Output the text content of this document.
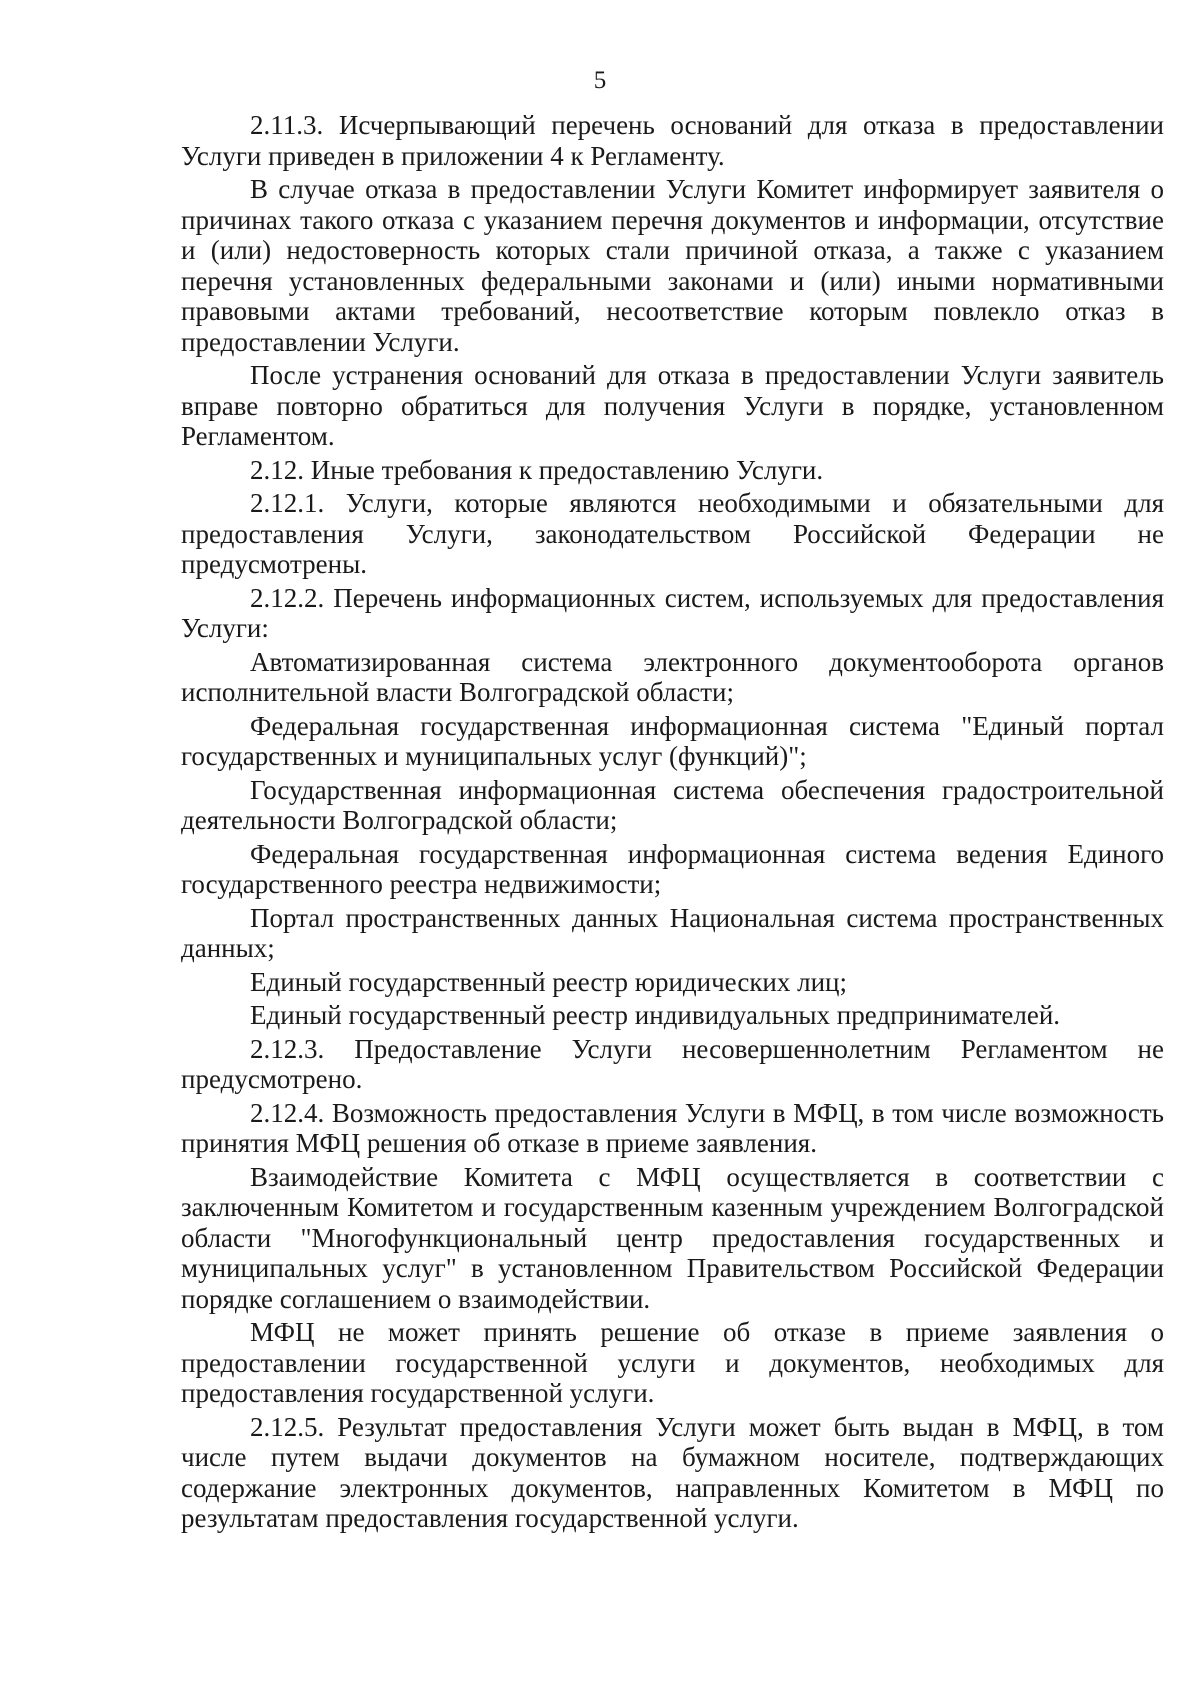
5

2.11.3. Исчерпывающий перечень оснований для отказа в предоставлении Услуги приведен в приложении 4 к Регламенту.

В случае отказа в предоставлении Услуги Комитет информирует заявителя о причинах такого отказа с указанием перечня документов и информации, отсутствие и (или) недостоверность которых стали причиной отказа, а также с указанием перечня установленных федеральными законами и (или) иными нормативными правовыми актами требований, несоответствие которым повлекло отказ в предоставлении Услуги.

После устранения оснований для отказа в предоставлении Услуги заявитель вправе повторно обратиться для получения Услуги в порядке, установленном Регламентом.

2.12. Иные требования к предоставлению Услуги.

2.12.1. Услуги, которые являются необходимыми и обязательными для предоставления Услуги, законодательством Российской Федерации не предусмотрены.

2.12.2. Перечень информационных систем, используемых для предоставления Услуги:

Автоматизированная система электронного документооборота органов исполнительной власти Волгоградской области;

Федеральная государственная информационная система "Единый портал государственных и муниципальных услуг (функций)";

Государственная информационная система обеспечения градостроительной деятельности Волгоградской области;

Федеральная государственная информационная система ведения Единого государственного реестра недвижимости;

Портал пространственных данных Национальная система пространственных данных;

Единый государственный реестр юридических лиц;

Единый государственный реестр индивидуальных предпринимателей.

2.12.3. Предоставление Услуги несовершеннолетним Регламентом не предусмотрено.

2.12.4. Возможность предоставления Услуги в МФЦ, в том числе возможность принятия МФЦ решения об отказе в приеме заявления.

Взаимодействие Комитета с МФЦ осуществляется в соответствии с заключенным Комитетом и государственным казенным учреждением Волгоградской области "Многофункциональный центр предоставления государственных и муниципальных услуг" в установленном Правительством Российской Федерации порядке соглашением о взаимодействии.

МФЦ не может принять решение об отказе в приеме заявления о предоставлении государственной услуги и документов, необходимых для предоставления государственной услуги.

2.12.5. Результат предоставления Услуги может быть выдан в МФЦ, в том числе путем выдачи документов на бумажном носителе, подтверждающих содержание электронных документов, направленных Комитетом в МФЦ по результатам предоставления государственной услуги.
